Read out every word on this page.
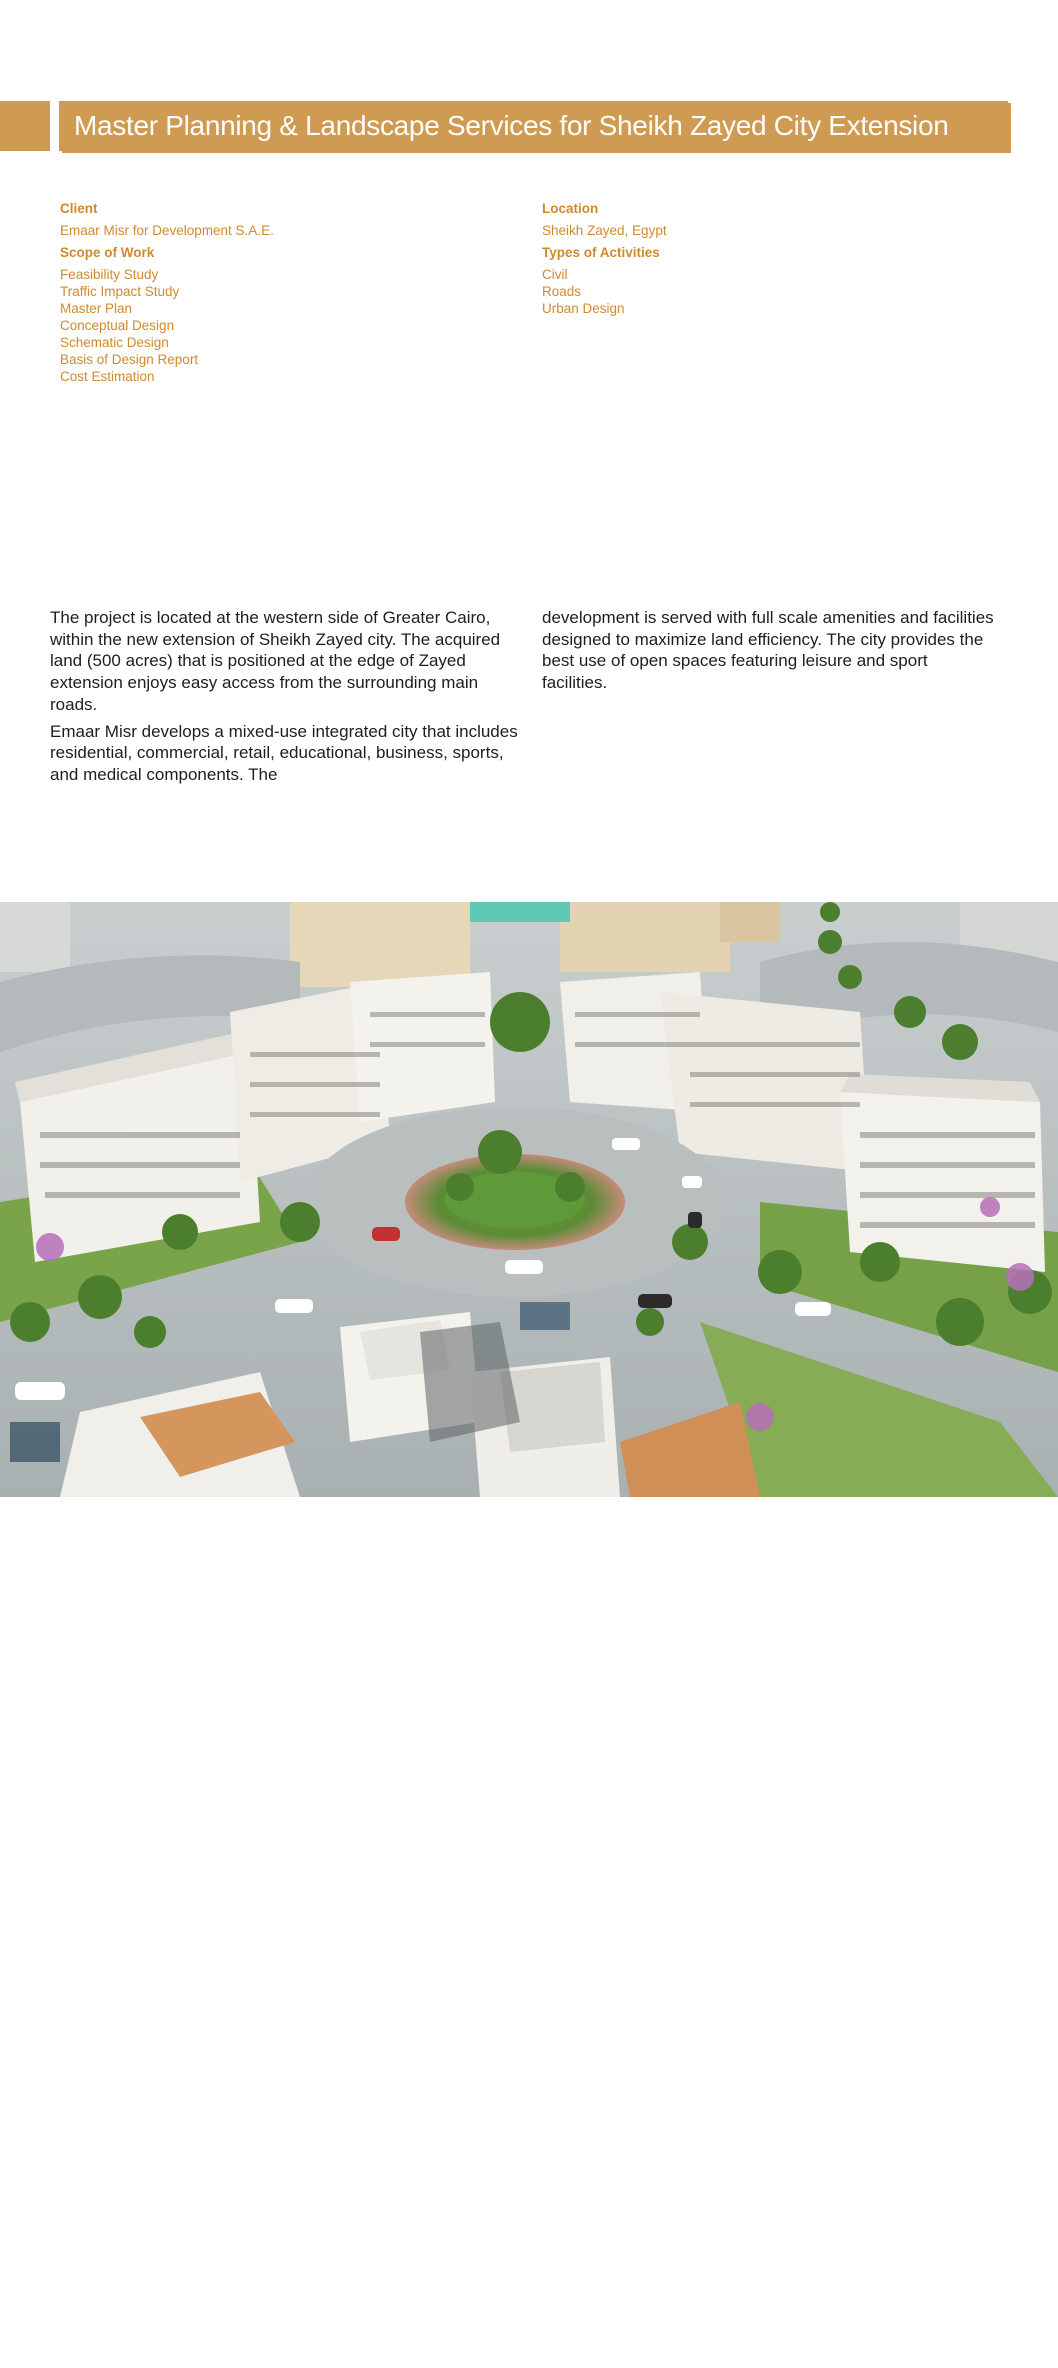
Master Planning & Landscape Services for Sheikh Zayed City Extension
Client
Emaar Misr for Development S.A.E.
Scope of Work
Feasibility Study
Traffic Impact Study
Master Plan
Conceptual Design
Schematic Design
Basis of Design Report
Cost Estimation
Location
Sheikh Zayed, Egypt
Types of Activities
Civil
Roads
Urban Design

The project is located at the western side of Greater Cairo, within the new extension of Sheikh Zayed city. The acquired land (500 acres) that is positioned at the edge of Zayed extension enjoys easy access from the surrounding main roads.

Emaar Misr develops a mixed-use integrated city that includes residential, commercial, retail, educational, business, sports, and medical components. The

development is served with full scale amenities and facilities designed to maximize land efficiency. The city provides the best use of open spaces featuring leisure and sport facilities.

Master Planning & Landscape Services for Sheikh Zayed City Extension
